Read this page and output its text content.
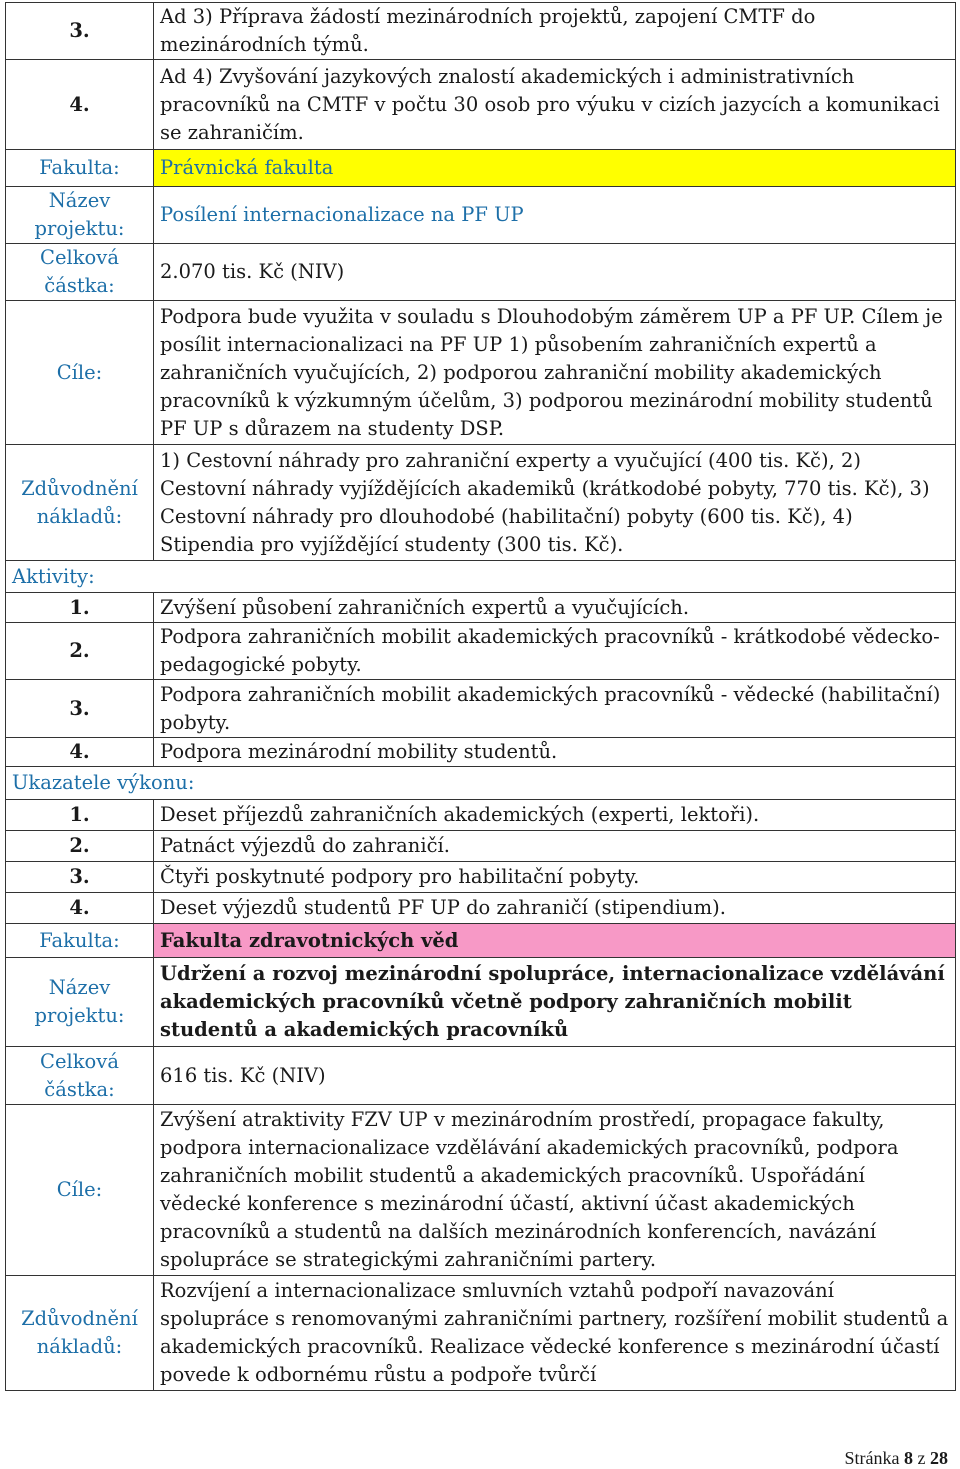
3.	Ad 3) Příprava žádostí mezinárodních projektů, zapojení CMTF do mezinárodních týmů.
4.	Ad 4) Zvyšování jazykových znalostí akademických i administrativních pracovníků na CMTF v počtu 30 osob pro výuku v cizích jazycích a komunikaci se zahraničím.
Fakulta:	Právnická fakulta
Název projektu:	Posílení internacionalizace na PF UP
Celková částka:	2.070 tis. Kč (NIV)
Cíle:	Podpora bude využita v souladu s Dlouhodobým záměrem UP a PF UP. Cílem je posílit internacionalizaci na PF UP 1) působením zahraničních expertů a zahraničních vyučujících, 2) podporou zahraniční mobility akademických pracovníků k výzkumným účelům, 3) podporou mezinárodní mobility studentů PF UP s důrazem na studenty DSP.
Zdůvodnění nákladů:	1) Cestovní náhrady pro zahraniční experty a vyučující (400 tis. Kč), 2) Cestovní náhrady vyjíždějících akademiků (krátkodobé pobyty, 770 tis. Kč), 3) Cestovní náhrady pro dlouhodobé (habilitační) pobyty (600 tis. Kč), 4) Stipendia pro vyjíždějící studenty (300 tis. Kč).
Aktivity:	
1.	Zvýšení působení zahraničních expertů a vyučujících.
2.	Podpora zahraničních mobilit akademických pracovníků - krátkodobé vědecko-pedagogické pobyty.
3.	Podpora zahraničních mobilit akademických pracovníků - vědecké (habilitační) pobyty.
4.	Podpora mezinárodní mobility studentů.
Ukazatele výkonu:	
1.	Deset příjezdů zahraničních akademických (experti, lektoři).
2.	Patnáct výjezdů do zahraničí.
3.	Čtyři poskytnuté podpory pro habilitační pobyty.
4.	Deset výjezdů studentů PF UP do zahraničí (stipendium).
Fakulta:	Fakulta zdravotnických věd
Název projektu:	Udržení a rozvoj mezinárodní spolupráce, internacionalizace vzdělávání akademických pracovníků včetně podpory zahraničních mobilit studentů a akademických pracovníků
Celková částka:	616 tis. Kč (NIV)
Cíle:	Zvýšení atraktivity FZV UP v mezinárodním prostředí, propagace fakulty, podpora internacionalizace vzdělávání akademických pracovníků, podpora zahraničních mobilit studentů a akademických pracovníků. Uspořádání vědecké konference s mezinárodní účastí, aktivní účast akademických pracovníků a studentů na dalších mezinárodních konferencích, navázání spolupráce se strategickými zahraničními partery.
Zdůvodnění nákladů:	Rozvíjení a internacionalizace smluvních vztahů podpoří navazování spolupráce s renomovanými zahraničními partnery, rozšíření mobilit studentů a akademických pracovníků. Realizace vědecké konference s mezinárodní účastí povede k odbornému růstu a podpoře tvůrčí
Stránka 8 z 28
